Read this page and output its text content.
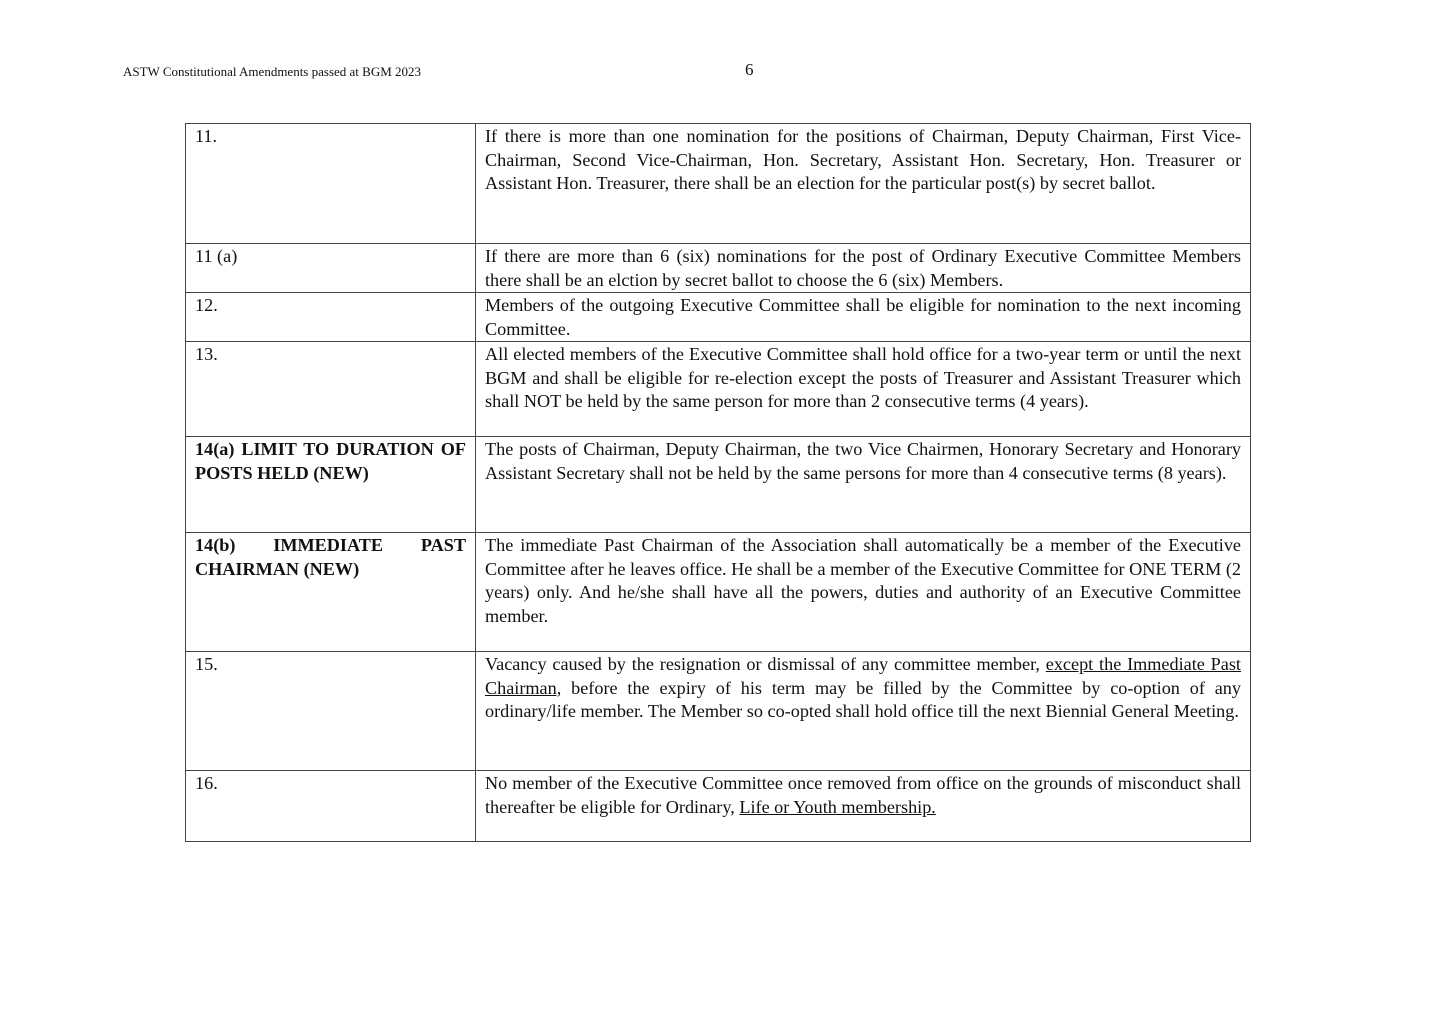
ASTW Constitutional Amendments passed at BGM 2023	6
11.	If there is more than one nomination for the positions of Chairman, Deputy Chairman, First Vice-Chairman, Second Vice-Chairman, Hon. Secretary, Assistant Hon. Secretary, Hon. Treasurer or Assistant Hon. Treasurer, there shall be an election for the particular post(s) by secret ballot.
11 (a)	If there are more than 6 (six) nominations for the post of Ordinary Executive Committee Members there shall be an elction by secret ballot to choose the 6 (six) Members.
12.	Members of the outgoing Executive Committee shall be eligible for nomination to the next incoming Committee.
13.	All elected members of the Executive Committee shall hold office for a two-year term or until the next BGM and shall be eligible for re-election except the posts of Treasurer and Assistant Treasurer which shall NOT be held by the same person for more than 2 consecutive terms (4 years).
14(a) LIMIT TO DURATION OF POSTS HELD (NEW)	The posts of Chairman, Deputy Chairman, the two Vice Chairmen, Honorary Secretary and Honorary Assistant Secretary shall not be held by the same persons for more than 4 consecutive terms (8 years).
14(b) IMMEDIATE PAST CHAIRMAN (NEW)	The immediate Past Chairman of the Association shall automatically be a member of the Executive Committee after he leaves office. He shall be a member of the Executive Committee for ONE TERM (2 years) only. And he/she shall have all the powers, duties and authority of an Executive Committee member.
15.	Vacancy caused by the resignation or dismissal of any committee member, except the Immediate Past Chairman, before the expiry of his term may be filled by the Committee by co-option of any ordinary/life member. The Member so co-opted shall hold office till the next Biennial General Meeting.
16.	No member of the Executive Committee once removed from office on the grounds of misconduct shall thereafter be eligible for Ordinary, Life or Youth membership.
